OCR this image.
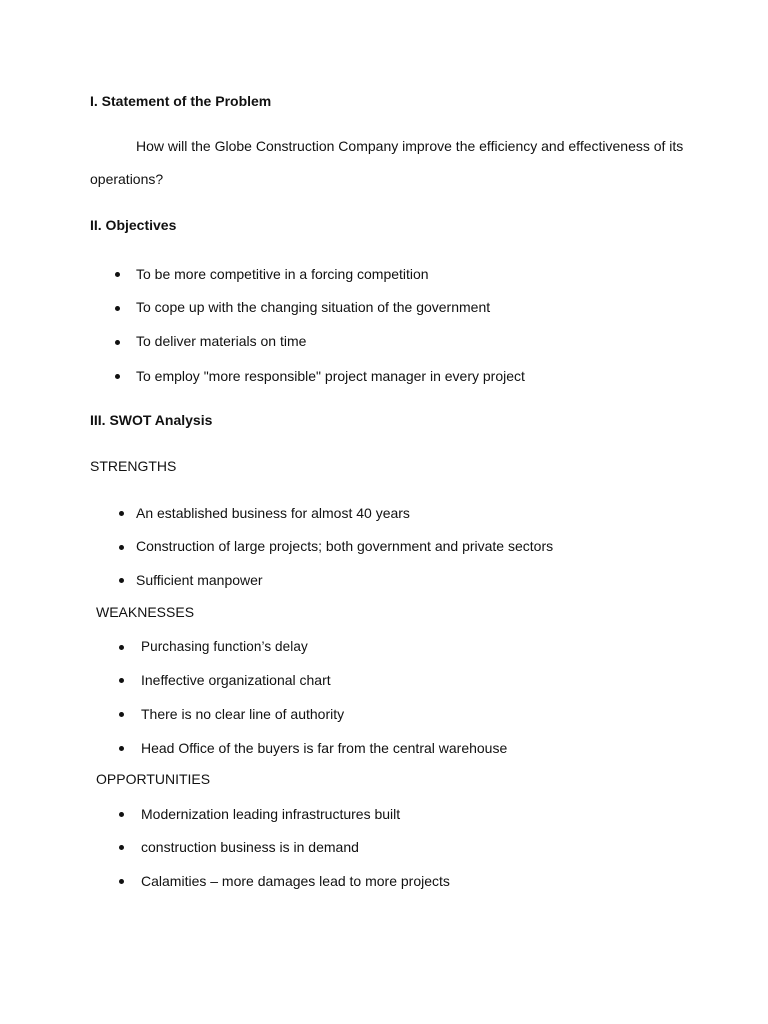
I. Statement of the Problem
How will the Globe Construction Company improve the efficiency and effectiveness of its
operations?
II. Objectives
To be more competitive in a forcing competition
To cope up with the changing situation of the government
To deliver materials on time
To employ "more responsible" project manager in every project
III. SWOT Analysis
STRENGTHS
An established business for almost 40 years
Construction of large projects; both government and private sectors
Sufficient manpower
WEAKNESSES
Purchasing function’s delay
Ineffective organizational chart
There is no clear line of authority
Head Office of the buyers is far from the central warehouse
OPPORTUNITIES
Modernization leading infrastructures built
construction business is in demand
Calamities – more damages lead to more projects
